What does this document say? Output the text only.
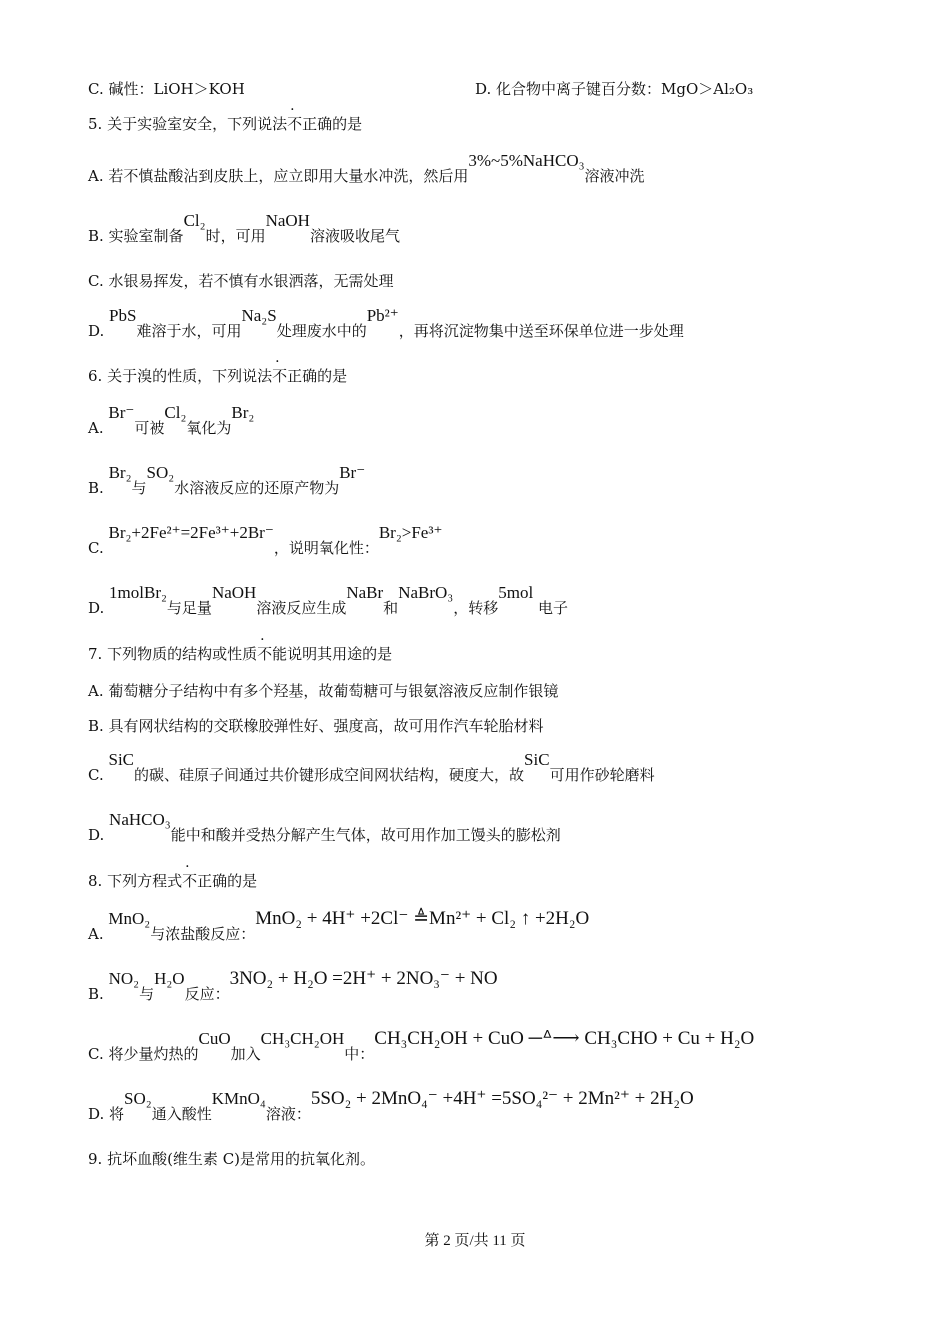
C. 碱性：LiOH＞KOH	D. 化合物中离子键百分数：MgO＞Al₂O₃
5. 关于实验室安全，下列说法不正确的是
A. 若不慎盐酸沾到皮肤上，应立即用大量水冲洗，然后用3%~5%NaHCO₃溶液冲洗
B. 实验室制备Cl₂时，可用NaOH溶液吸收尾气
C. 水银易挥发，若不慎有水银洒落，无需处理
D. PbS难溶于水，可用Na₂S处理废水中的Pb²⁺，再将沉淀物集中送至环保单位进一步处理
6. 关于溴的性质，下列说法不正确的是
A. Br⁻可被Cl₂氧化为Br₂
B. Br₂与SO₂水溶液反应的还原产物为Br⁻
C. Br₂+2Fe²⁺=2Fe³⁺+2Br⁻，说明氧化性：Br₂>Fe³⁺
D. 1molBr₂与足量NaOH溶液反应生成NaBr和NaBrO₃，转移5mol 电子
7. 下列物质的结构或性质不能说明其用途的是
A. 葡萄糖分子结构中有多个羟基，故葡萄糖可与银氨溶液反应制作银镜
B. 具有网状结构的交联橡胶弹性好、强度高，故可用作汽车轮胎材料
C. SiC的碳、硅原子间通过共价键形成空间网状结构，硬度大，故SiC可用作砂轮磨料
D. NaHCO₃能中和酸并受热分解产生气体，故可用作加工馒头的膨松剂
8. 下列方程式不正确的是
A. MnO₂与浓盐酸反应：MnO₂ + 4H⁺ +2Cl⁻ ≜Mn²⁺ + Cl₂ ↑ +2H₂O
B. NO₂与H₂O反应：3NO₂ + H₂O =2H⁺ + 2NO₃⁻ + NO
C. 将少量灼热的CuO加入CH₃CH₂OH中：CH₃CH₂OH + CuO ─ᐞ⟶ CH₃CHO + Cu + H₂O
D. 将SO₂通入酸性KMnO₄溶液：5SO₂ + 2MnO₄⁻ +4H⁺ =5SO₄²⁻ + 2Mn²⁺ + 2H₂O
9. 抗坏血酸(维生素 C)是常用的抗氧化剂。
第 2 页/共 11 页
